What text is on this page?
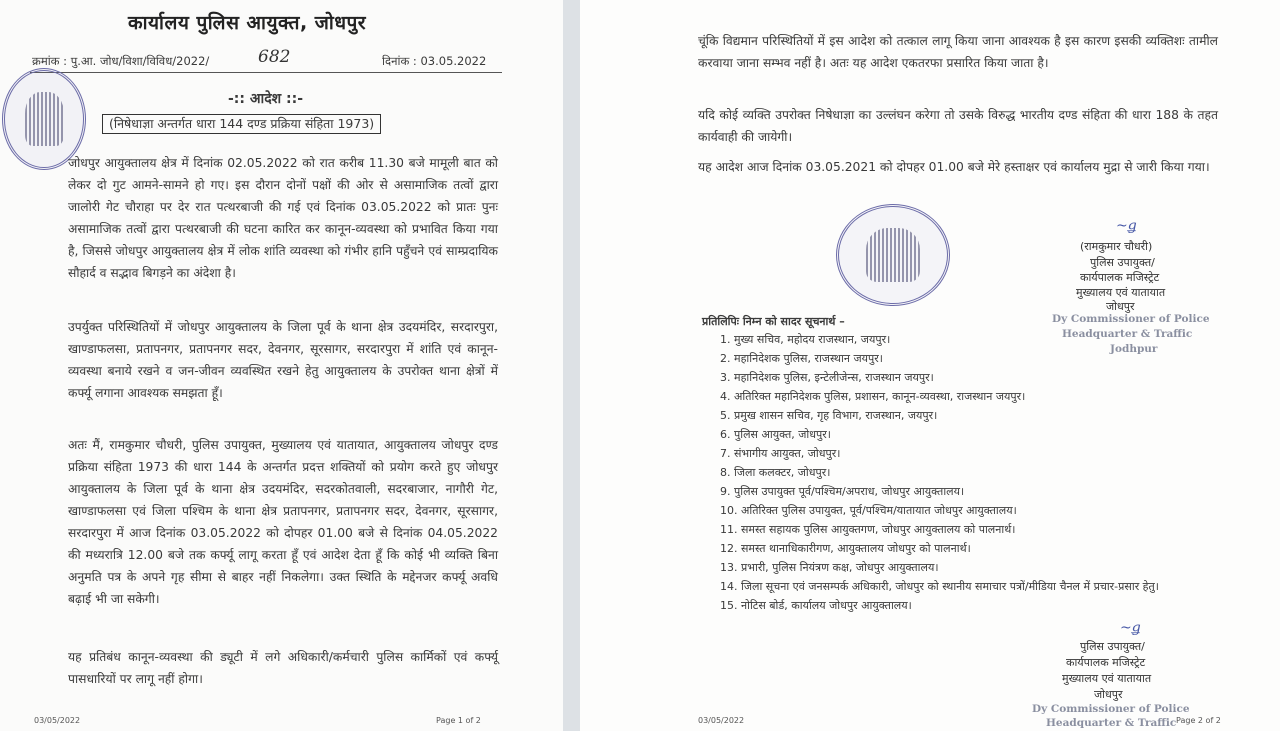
कार्यालय पुलिस आयुक्त, जोधपुर
क्रमांक : पु.आ. जोध/विशा/विविध/2022/	682	दिनांक : 03.05.2022
-:: आदेश ::-
(निषेधाज्ञा अन्तर्गत धारा 144 दण्ड प्रक्रिया संहिता 1973)
जोधपुर आयुक्तालय क्षेत्र में दिनांक 02.05.2022 को रात करीब 11.30 बजे मामूली बात को लेकर दो गुट आमने-सामने हो गए। इस दौरान दोनों पक्षों की ओर से असामाजिक तत्वों द्वारा जालोरी गेट चौराहा पर देर रात पत्थरबाजी की गई एवं दिनांक 03.05.2022 को प्रातः पुनः असामाजिक तत्वों द्वारा पत्थरबाजी की घटना कारित कर कानून-व्यवस्था को प्रभावित किया गया है, जिससे जोधपुर आयुक्तालय क्षेत्र में लोक शांति व्यवस्था को गंभीर हानि पहुँचने एवं साम्प्रदायिक सौहार्द व सद्भाव बिगड़ने का अंदेशा है।
उपर्युक्त परिस्थितियों में जोधपुर आयुक्तालय के जिला पूर्व के थाना क्षेत्र उदयमंदिर, सरदारपुरा, खाण्डाफलसा, प्रतापनगर, प्रतापनगर सदर, देवनगर, सूरसागर, सरदारपुरा में शांति एवं कानून-व्यवस्था बनाये रखने व जन-जीवन व्यवस्थित रखने हेतु आयुक्तालय के उपरोक्त थाना क्षेत्रों में कर्फ्यू लगाना आवश्यक समझता हूँ।
अतः मैं, रामकुमार चौधरी, पुलिस उपायुक्त, मुख्यालय एवं यातायात, आयुक्तालय जोधपुर दण्ड प्रक्रिया संहिता 1973 की धारा 144 के अन्तर्गत प्रदत्त शक्तियों को प्रयोग करते हुए जोधपुर आयुक्तालय के जिला पूर्व के थाना क्षेत्र उदयमंदिर, सदरकोतवाली, सदरबाजार, नागौरी गेट, खाण्डाफलसा एवं जिला पश्चिम के थाना क्षेत्र प्रतापनगर, प्रतापनगर सदर, देवनगर, सूरसागर, सरदारपुरा में आज दिनांक 03.05.2022 को दोपहर 01.00 बजे से दिनांक 04.05.2022 की मध्यरात्रि 12.00 बजे तक कर्फ्यू लागू करता हूँ एवं आदेश देता हूँ कि कोई भी व्यक्ति बिना अनुमति पत्र के अपने गृह सीमा से बाहर नहीं निकलेगा। उक्त स्थिति के मद्देनजर कर्फ्यू अवधि बढ़ाई भी जा सकेगी।
यह प्रतिबंध कानून-व्यवस्था की ड्यूटी में लगे अधिकारी/कर्मचारी पुलिस कार्मिकों एवं कर्फ्यू पासधारियों पर लागू नहीं होगा।
03/05/2022	Page 1 of 2
चूंकि विद्यमान परिस्थितियों में इस आदेश को तत्काल लागू किया जाना आवश्यक है इस कारण इसकी व्यक्तिशः तामील करवाया जाना सम्भव नहीं है। अतः यह आदेश एकतरफा प्रसारित किया जाता है।
यदि कोई व्यक्ति उपरोक्त निषेधाज्ञा का उल्लंघन करेगा तो उसके विरुद्ध भारतीय दण्ड संहिता की धारा 188 के तहत कार्यवाही की जायेगी।
यह आदेश आज दिनांक 03.05.2021 को दोपहर 01.00 बजे मेरे हस्ताक्षर एवं कार्यालय मुद्रा से जारी किया गया।
~ǥ
(रामकुमार चौधरी)
पुलिस उपायुक्त/
कार्यपालक मजिस्ट्रेट
मुख्यालय एवं यातायात
जोधपुर
Dy Commissioner of Police
Headquarter & Traffic
Jodhpur
प्रतिलिपिः निम्न को सादर सूचनार्थ –
1. मुख्य सचिव, महोदय राजस्थान, जयपुर।
2. महानिदेशक पुलिस, राजस्थान जयपुर।
3. महानिदेशक पुलिस, इन्टेलीजेन्स, राजस्थान जयपुर।
4. अतिरिक्त महानिदेशक पुलिस, प्रशासन, कानून-व्यवस्था, राजस्थान जयपुर।
5. प्रमुख शासन सचिव, गृह विभाग, राजस्थान, जयपुर।
6. पुलिस आयुक्त, जोधपुर।
7. संभागीय आयुक्त, जोधपुर।
8. जिला कलक्टर, जोधपुर।
9. पुलिस उपायुक्त पूर्व/पश्चिम/अपराध, जोधपुर आयुक्तालय।
10. अतिरिक्त पुलिस उपायुक्त, पूर्व/पश्चिम/यातायात जोधपुर आयुक्तालय।
11. समस्त सहायक पुलिस आयुक्तगण, जोधपुर आयुक्तालय को पालनार्थ।
12. समस्त थानाधिकारीगण, आयुक्तालय जोधपुर को पालनार्थ।
13. प्रभारी, पुलिस नियंत्रण कक्ष, जोधपुर आयुक्तालय।
14. जिला सूचना एवं जनसम्पर्क अधिकारी, जोधपुर को स्थानीय समाचार पत्रों/मीडिया चैनल में प्रचार-प्रसार हेतु।
15. नोटिस बोर्ड, कार्यालय जोधपुर आयुक्तालय।
~ǥ
पुलिस उपायुक्त/
कार्यपालक मजिस्ट्रेट
मुख्यालय एवं यातायात
जोधपुर
Dy Commissioner of Police
Headquarter & Traffic
03/05/2022	Page 2 of 2
